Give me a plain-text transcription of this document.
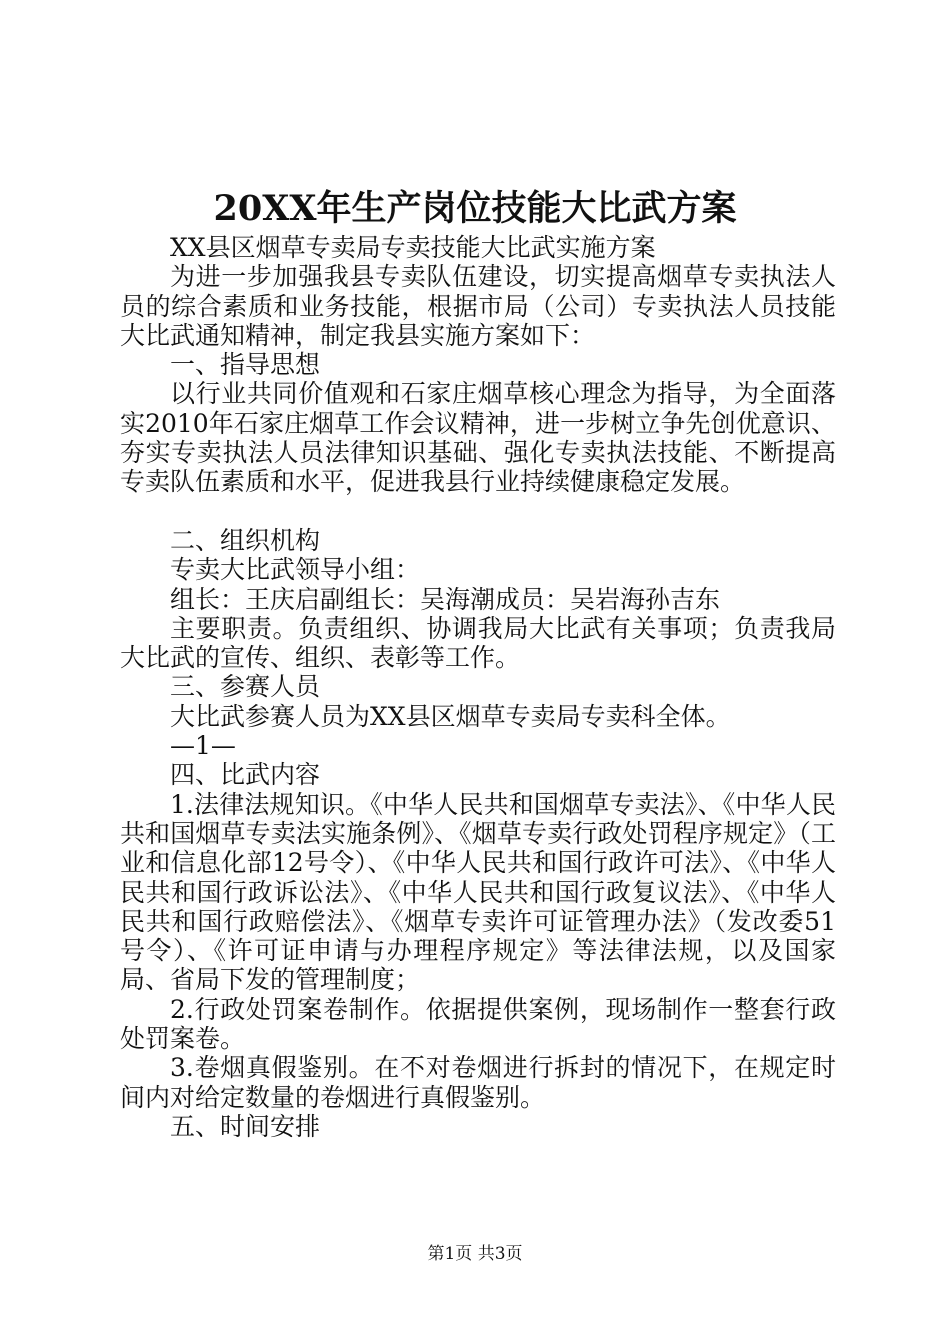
20XX年生产岗位技能大比武方案

XX县区烟草专卖局专卖技能大比武实施方案

为进一步加强我县专卖队伍建设，切实提高烟草专卖执法人员的综合素质和业务技能，根据市局（公司）专卖执法人员技能大比武通知精神，制定我县实施方案如下：

一、指导思想

以行业共同价值观和石家庄烟草核心理念为指导，为全面落实2010年石家庄烟草工作会议精神，进一步树立争先创优意识、夯实专卖执法人员法律知识基础、强化专卖执法技能、不断提高专卖队伍素质和水平，促进我县行业持续健康稳定发展。

二、组织机构

专卖大比武领导小组：

组长：王庆启副组长：吴海潮成员：吴岩海孙吉东

主要职责。负责组织、协调我局大比武有关事项；负责我局大比武的宣传、组织、表彰等工作。

三、参赛人员

大比武参赛人员为XX县区烟草专卖局专卖科全体。

—1—

四、比武内容

1.法律法规知识。《中华人民共和国烟草专卖法》、《中华人民共和国烟草专卖法实施条例》、《烟草专卖行政处罚程序规定》（工业和信息化部12号令）、《中华人民共和国行政许可法》、《中华人民共和国行政诉讼法》、《中华人民共和国行政复议法》、《中华人民共和国行政赔偿法》、《烟草专卖许可证管理办法》（发改委51号令）、《许可证申请与办理程序规定》等法律法规，以及国家局、省局下发的管理制度；

2.行政处罚案卷制作。依据提供案例，现场制作一整套行政处罚案卷。

3.卷烟真假鉴别。在不对卷烟进行拆封的情况下，在规定时间内对给定数量的卷烟进行真假鉴别。

五、时间安排

第1页 共3页
